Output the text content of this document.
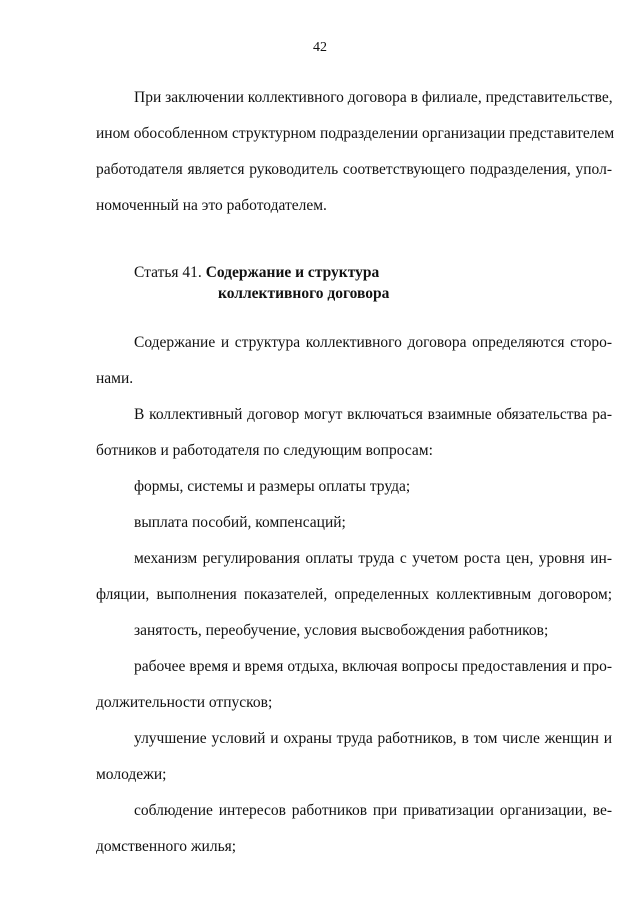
42
При заключении коллективного договора в филиале, представительстве,
ином обособленном структурном подразделении организации представителем
работодателя является руководитель соответствующего подразделения, упол-
номоченный на это работодателем.
Статья 41. Содержание и структура
коллективного договора
Содержание и структура коллективного договора определяются сторо-
нами.
В коллективный договор могут включаться взаимные обязательства ра-
ботников и работодателя по следующим вопросам:
формы, системы и размеры оплаты труда;
выплата пособий, компенсаций;
механизм регулирования оплаты труда с учетом роста цен, уровня ин-
фляции, выполнения показателей, определенных коллективным договором;
занятость, переобучение, условия высвобождения работников;
рабочее время и время отдыха, включая вопросы предоставления и про-
должительности отпусков;
улучшение условий и охраны труда работников, в том числе женщин и
молодежи;
соблюдение интересов работников при приватизации организации, ве-
домственного жилья;
